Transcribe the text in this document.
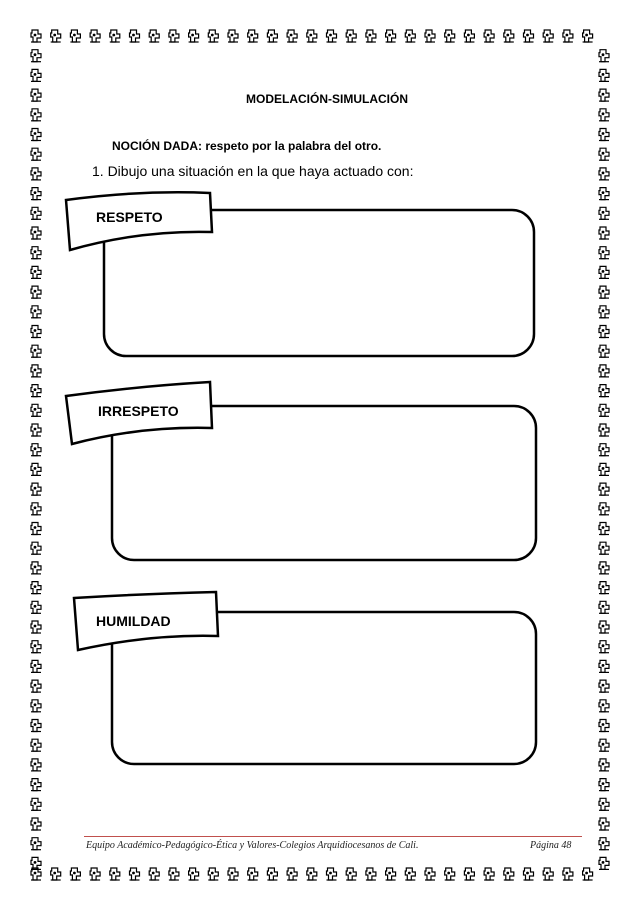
MODELACIÓN-SIMULACIÓN
NOCIÓN DADA: respeto por la palabra del otro.
1. Dibujo una situación en la que haya actuado con:
RESPETO
IRRESPETO
HUMILDAD
Equipo Académico-Pedagógico-Ética y Valores-Colegios Arquidiocesanos de Cali.	Página 48
